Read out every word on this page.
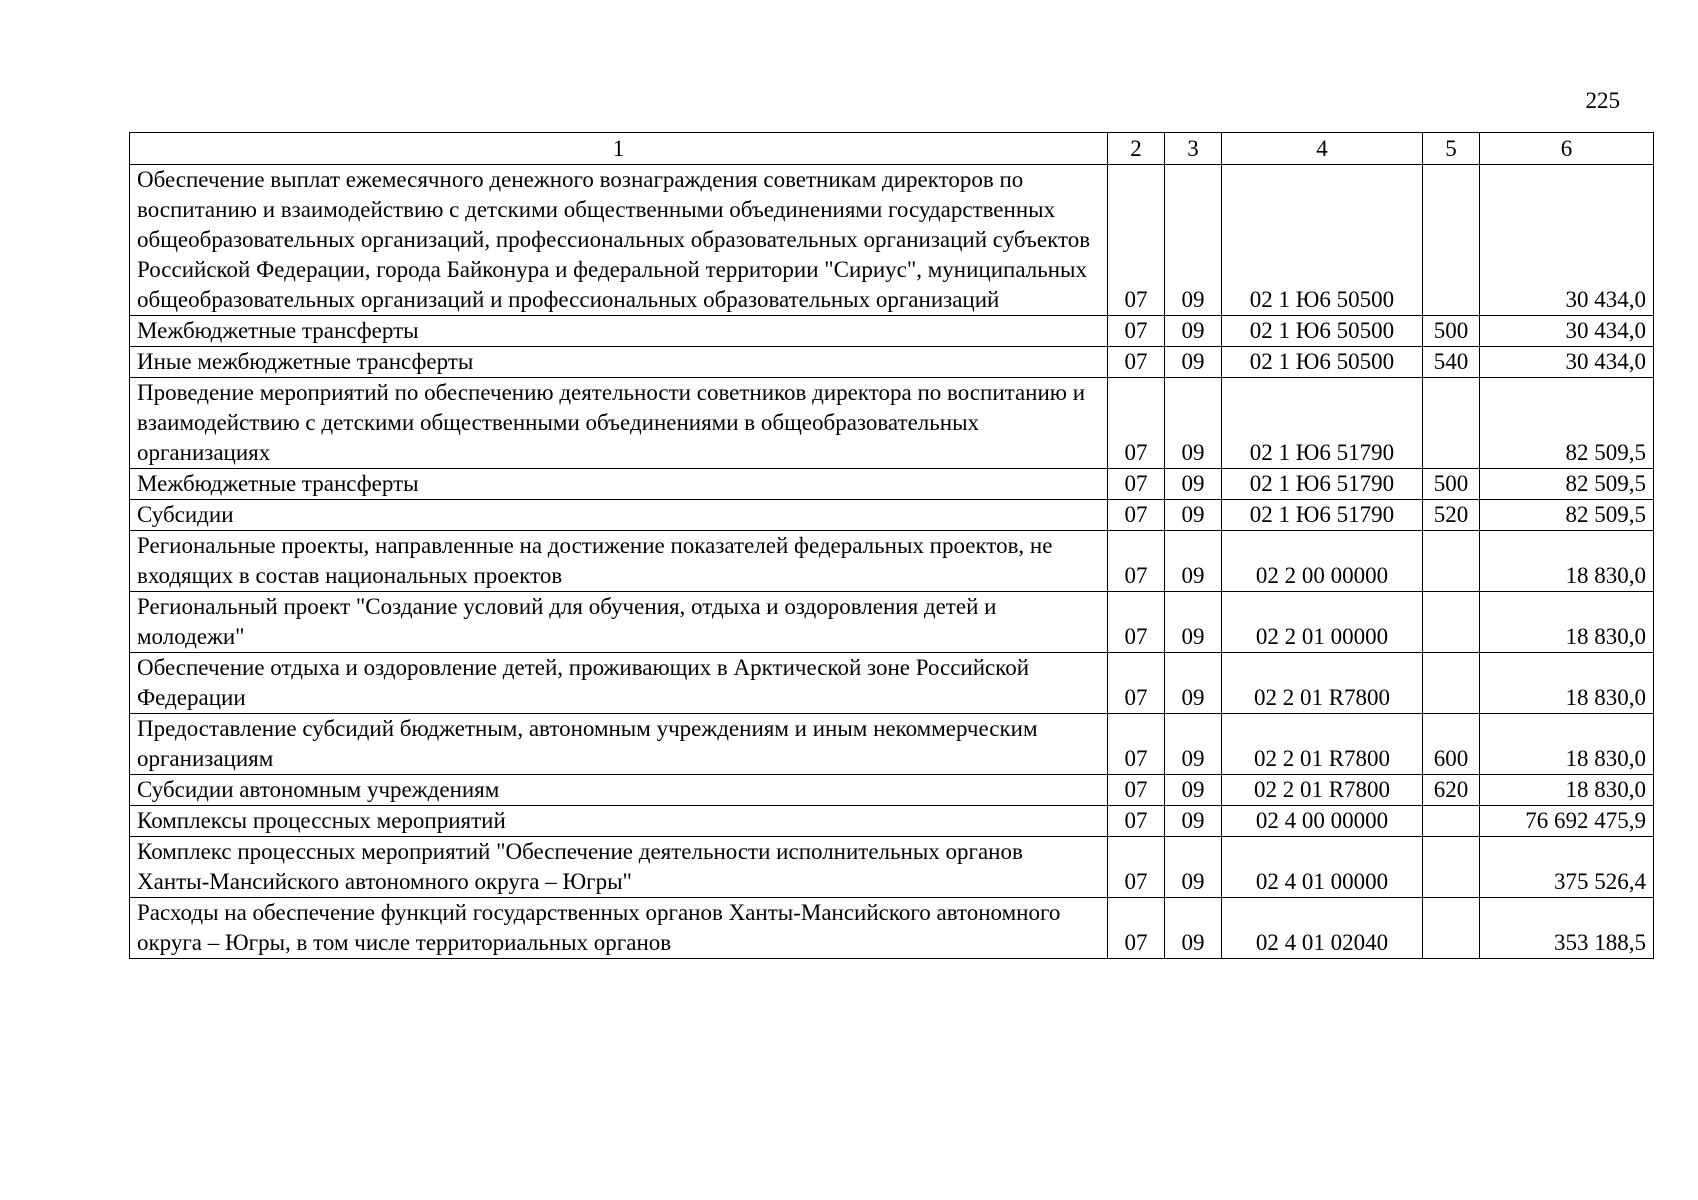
225
1	2	3	4	5	6
Обеспечение выплат ежемесячного денежного вознаграждения советникам директоров по воспитанию и взаимодействию с детскими общественными объединениями государственных общеобразовательных организаций, профессиональных образовательных организаций субъектов Российской Федерации, города Байконура и федеральной территории "Сириус", муниципальных общеобразовательных организаций и профессиональных образовательных организаций	07	09	02 1 Ю6 50500		30 434,0
Межбюджетные трансферты	07	09	02 1 Ю6 50500	500	30 434,0
Иные межбюджетные трансферты	07	09	02 1 Ю6 50500	540	30 434,0
Проведение мероприятий по обеспечению деятельности советников директора по воспитанию и взаимодействию с детскими общественными объединениями в общеобразовательных организациях	07	09	02 1 Ю6 51790		82 509,5
Межбюджетные трансферты	07	09	02 1 Ю6 51790	500	82 509,5
Субсидии	07	09	02 1 Ю6 51790	520	82 509,5
Региональные проекты, направленные на достижение показателей федеральных проектов, не входящих в состав национальных проектов	07	09	02 2 00 00000		18 830,0
Региональный проект "Создание условий для обучения, отдыха и оздоровления детей и молодежи"	07	09	02 2 01 00000		18 830,0
Обеспечение отдыха и оздоровление детей, проживающих в Арктической зоне Российской Федерации	07	09	02 2 01 R7800		18 830,0
Предоставление субсидий бюджетным, автономным учреждениям и иным некоммерческим организациям	07	09	02 2 01 R7800	600	18 830,0
Субсидии автономным учреждениям	07	09	02 2 01 R7800	620	18 830,0
Комплексы процессных мероприятий	07	09	02 4 00 00000		76 692 475,9
Комплекс процессных мероприятий "Обеспечение деятельности исполнительных органов Ханты-Мансийского автономного округа – Югры"	07	09	02 4 01 00000		375 526,4
Расходы на обеспечение функций государственных органов Ханты-Мансийского автономного округа – Югры, в том числе территориальных органов	07	09	02 4 01 02040		353 188,5
